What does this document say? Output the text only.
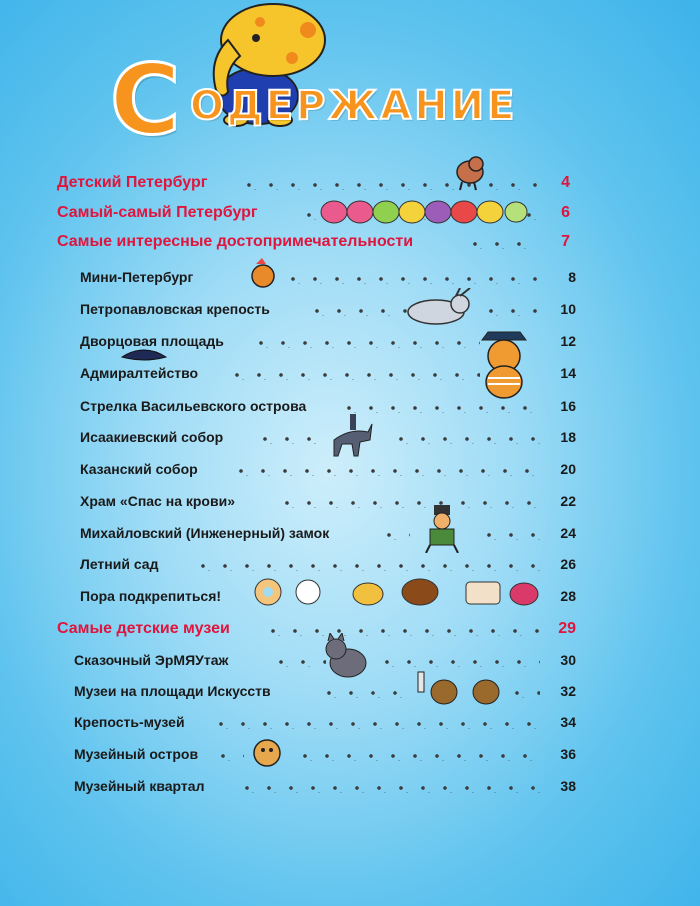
С ОДЕРЖАНИЕ
Детский Петербург	4
Самый-самый Петербург	6
Самые интересные достопримечательности	7
Мини-Петербург	8
Петропавловская крепость	10
Дворцовая площадь	12
Адмиралтейство	14
Стрелка Васильевского острова	16
Исаакиевский собор	18
Казанский собор	20
Храм «Спас на крови»	22
Михайловский (Инженерный) замок	24
Летний сад	26
Пора подкрепиться!	28
Самые детские музеи	29
Сказочный ЭрМЯУтаж	30
Музеи на площади Искусств	32
Крепость-музей	34
Музейный остров	36
Музейный квартал	38
